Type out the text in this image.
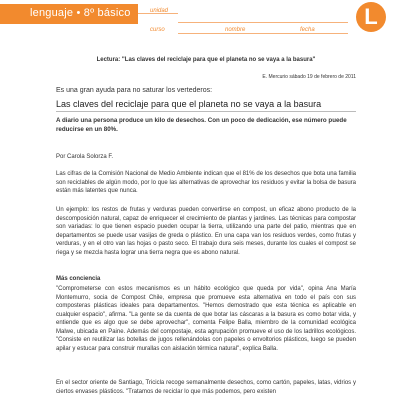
lenguaje • 8º básico	unidad
curso	nombre	fecha
L
Lectura: "Las claves del reciclaje para que el planeta no se vaya a la basura"
E. Mercurio sábado 19 de febrero de 2011
Es una gran ayuda para no saturar los vertederos:
Las claves del reciclaje para que el planeta no se vaya a la basura
A diario una persona produce un kilo de desechos. Con un poco de dedicación, ese número puede reducirse en un 80%.
Por Carola Solorza F.

Las cifras de la Comisión Nacional de Medio Ambiente indican que el 81% de los desechos que bota una familia son reciclables de algún modo, por lo que las alternativas de aprovechar los residuos y evitar la bolsa de basura están más latentes que nunca.

Un ejemplo: los restos de frutas y verduras pueden convertirse en compost, un eficaz abono producto de la descomposición natural, capaz de enriquecer el crecimiento de plantas y jardines. Las técnicas para compostar son variadas: lo que tienen espacio pueden ocupar la tierra, utilizando una parte del patio, mientras que en departamentos se puede usar vasijas de greda o plástico. En una capa van los residuos verdes, como frutas y verduras, y en el otro van las hojas o pasto seco. El trabajo dura seis meses, durante los cuales el compost se riega y se mezcla hasta lograr una tierra negra que es abono natural.

Más conciencia

"Comprometerse con estos mecanismos es un hábito ecológico que queda por vida", opina Ana María Montemurro, socia de Compost Chile, empresa que promueve esta alternativa en todo el país con sus composteras plásticas ideales para departamentos. "Hemos demostrado que esta técnica es aplicable en cualquier espacio", afirma. "La gente se da cuenta de que botar las cáscaras a la basura es como botar vida, y entiende que es algo que se debe aprovechar", comenta Felipe Balla, miembro de la comunidad ecológica Malwe, ubicada en Paine. Además del compostaje, esta agrupación promueve el uso de los ladrillos ecológicos. "Consiste en reutilizar las botellas de jugos rellenándolas con papeles o envoltorios plásticos, luego se pueden apilar y estucar para construir murallas con aislación térmica natural", explica Balla.

En el sector oriente de Santiago, Tricicla recoge semanalmente desechos, como cartón, papeles, latas, vidrios y ciertos envases plásticos. "Tratamos de reciclar lo que más podemos, pero existen
